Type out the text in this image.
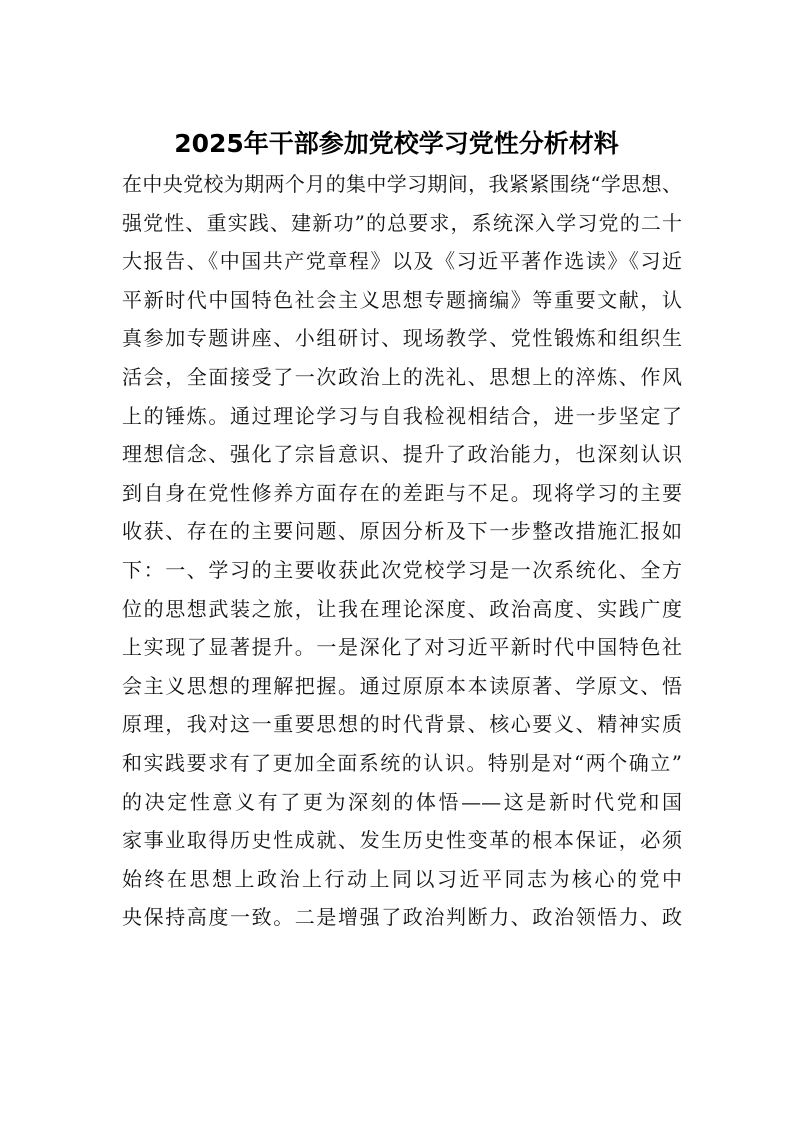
2025年干部参加党校学习党性分析材料
在中央党校为期两个月的集中学习期间，我紧紧围绕“学思想、
强党性、重实践、建新功”的总要求，系统深入学习党的二十
大报告、《中国共产党章程》以及《习近平著作选读》《习近
平新时代中国特色社会主义思想专题摘编》等重要文献，认
真参加专题讲座、小组研讨、现场教学、党性锻炼和组织生
活会，全面接受了一次政治上的洗礼、思想上的淬炼、作风
上的锤炼。通过理论学习与自我检视相结合，进一步坚定了
理想信念、强化了宗旨意识、提升了政治能力，也深刻认识
到自身在党性修养方面存在的差距与不足。现将学习的主要
收获、存在的主要问题、原因分析及下一步整改措施汇报如
下：一、学习的主要收获此次党校学习是一次系统化、全方
位的思想武装之旅，让我在理论深度、政治高度、实践广度
上实现了显著提升。一是深化了对习近平新时代中国特色社
会主义思想的理解把握。通过原原本本读原著、学原文、悟
原理，我对这一重要思想的时代背景、核心要义、精神实质
和实践要求有了更加全面系统的认识。特别是对“两个确立”
的决定性意义有了更为深刻的体悟——这是新时代党和国
家事业取得历史性成就、发生历史性变革的根本保证，必须
始终在思想上政治上行动上同以习近平同志为核心的党中
央保持高度一致。二是增强了政治判断力、政治领悟力、政
